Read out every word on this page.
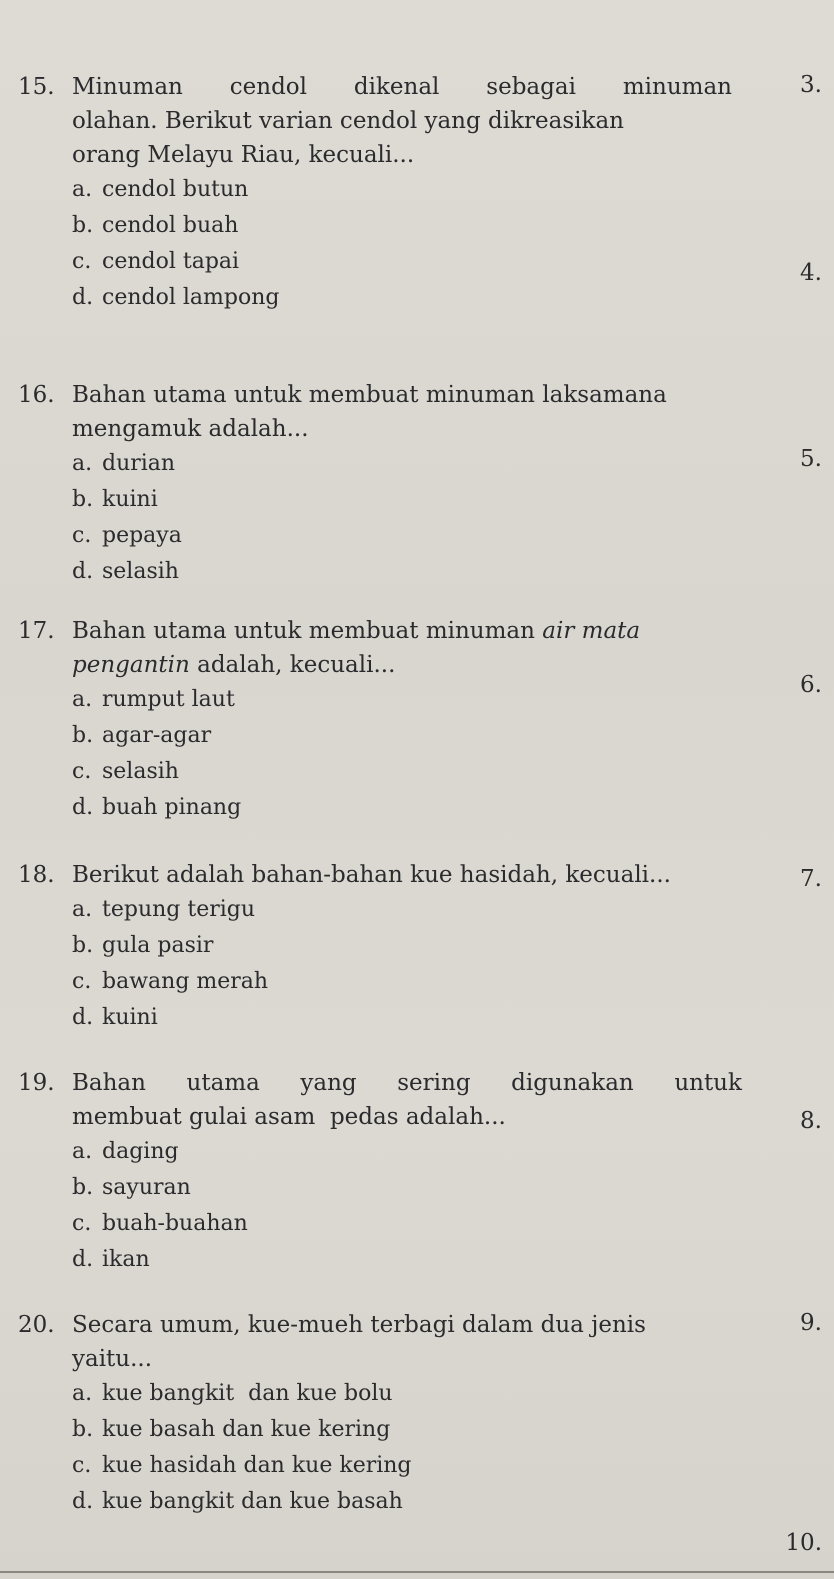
15. Minuman cendol dikenal sebagai minuman
olahan. Berikut varian cendol yang dikreasikan
orang Melayu Riau, kecuali...

a. cendol butun
b. cendol buah
c. cendol tapai
d. cendol lampong

16. Bahan utama untuk membuat minuman laksamana
mengamuk adalah...

a. durian
b. kuini
c. pepaya
d. selasih

17. Bahan utama untuk membuat minuman air mata
pengantin adalah, kecuali...

a. rumput laut
b. agar-agar
c. selasih
d. buah pinang

18. Berikut adalah bahan-bahan kue hasidah, kecuali...

a. tepung terigu
b. gula pasir
c. bawang merah
d. kuini

19. Bahan utama yang sering digunakan untuk
membuat gulai asam  pedas adalah...

a. daging
b. sayuran
c. buah-buahan
d. ikan

20. Secara umum, kue-mueh terbagi dalam dua jenis
yaitu...

a. kue bangkit  dan kue bolu
b. kue basah dan kue kering
c. kue hasidah dan kue kering
d. kue bangkit dan kue basah
3.
4.
5.
6.
7.
8.
9.
10.
